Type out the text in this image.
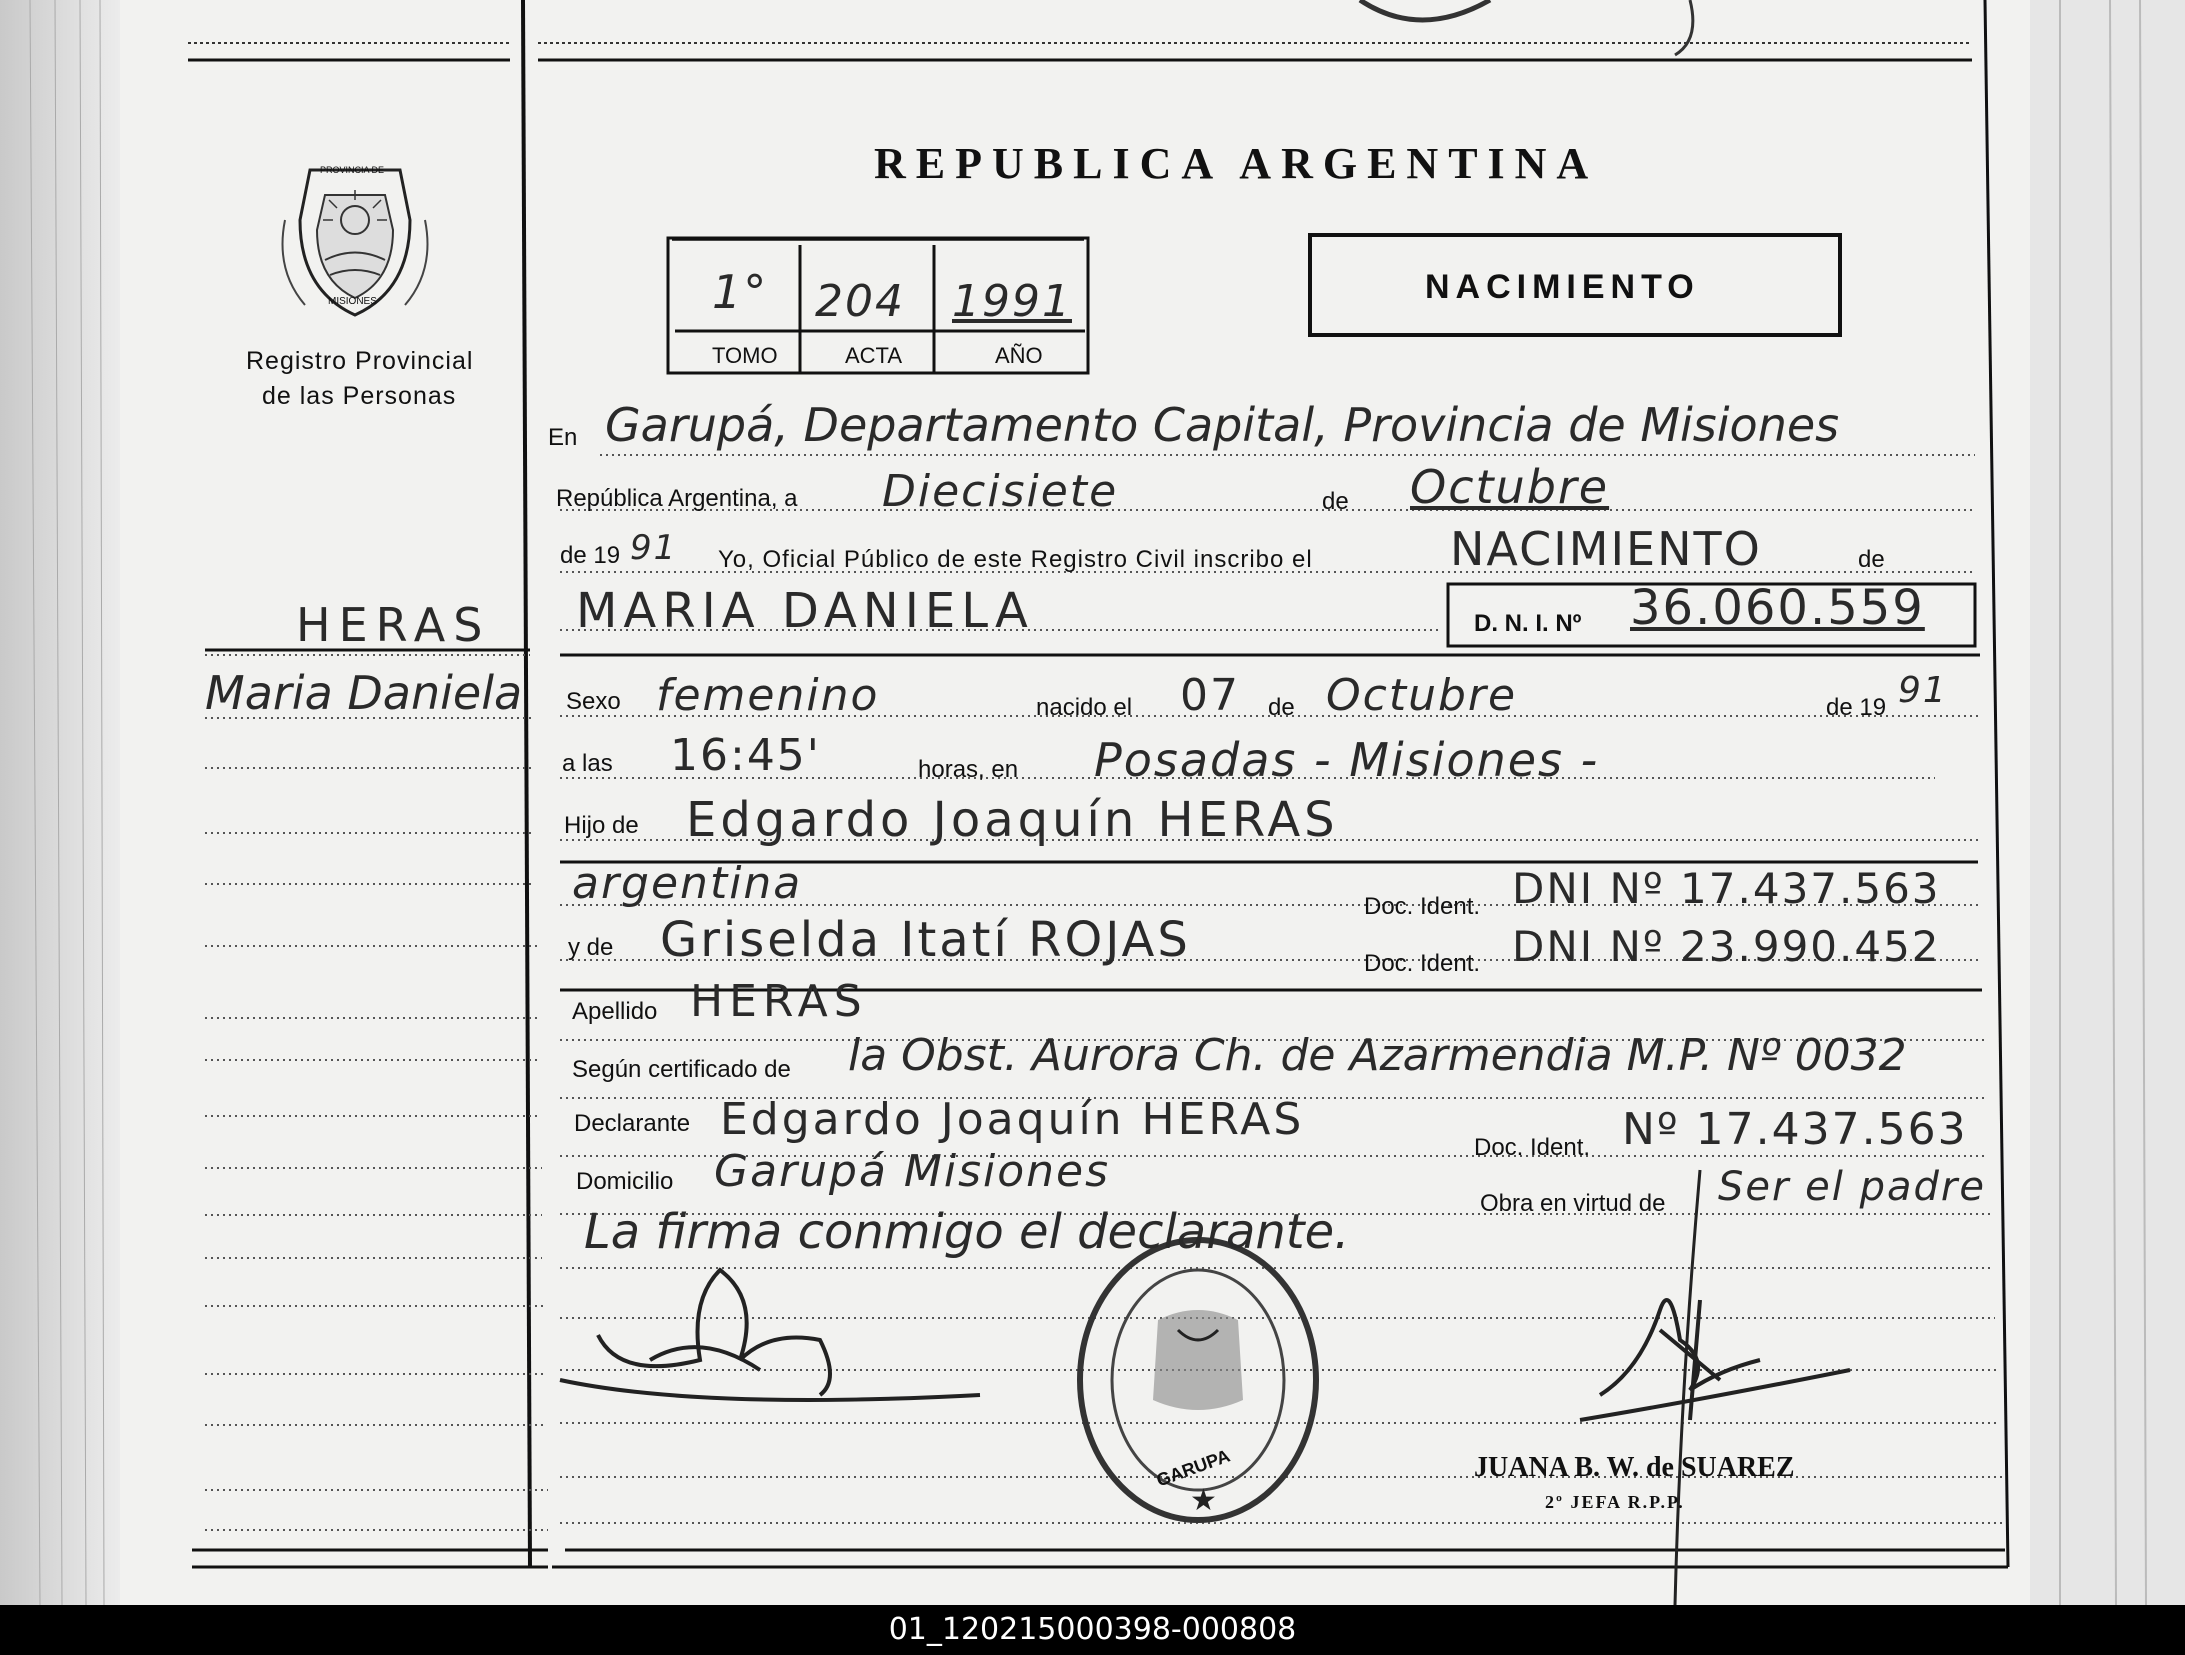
★
REPUBLICA ARGENTINA
NACIMIENTO
Registro Provincial
de las Personas
PROVINCIA DE
MISIONES	1°
TOMO
204
ACTA
1991
AÑO
HERAS
Maria Daniela
En Garupá, Departamento Capital, Provincia de Misiones
República Argentina, a Diecisiete	de Octubre
de 19 91 Yo, Oficial Público de este Registro Civil inscribo el	NACIMIENTO	de
MARIA DANIELA	D. N. I. Nº 36.060.559
Sexo femenino	nacido el 07 de Octubre	de 19 91
a las 16:45'	horas, en Posadas - Misiones -
Hijo de Edgardo Joaquín HERAS
argentina	Doc. Ident. DNI Nº 17.437.563
y de Griselda Itatí ROJAS	Doc. Ident. DNI Nº 23.990.452
Apellido HERAS
Según certificado de la Obst. Aurora Ch. de Azarmendia M.P. Nº 0032
Declarante Edgardo Joaquín HERAS
Doc. Ident. Nº 17.437.563
Domicilio Garupá Misiones
Obra en virtud de Ser el padre
La firma conmigo el declarante.
GARUPA	JUANA B. W. de SUAREZ
2º JEFA R.P.P.
01_120215000398-000808
